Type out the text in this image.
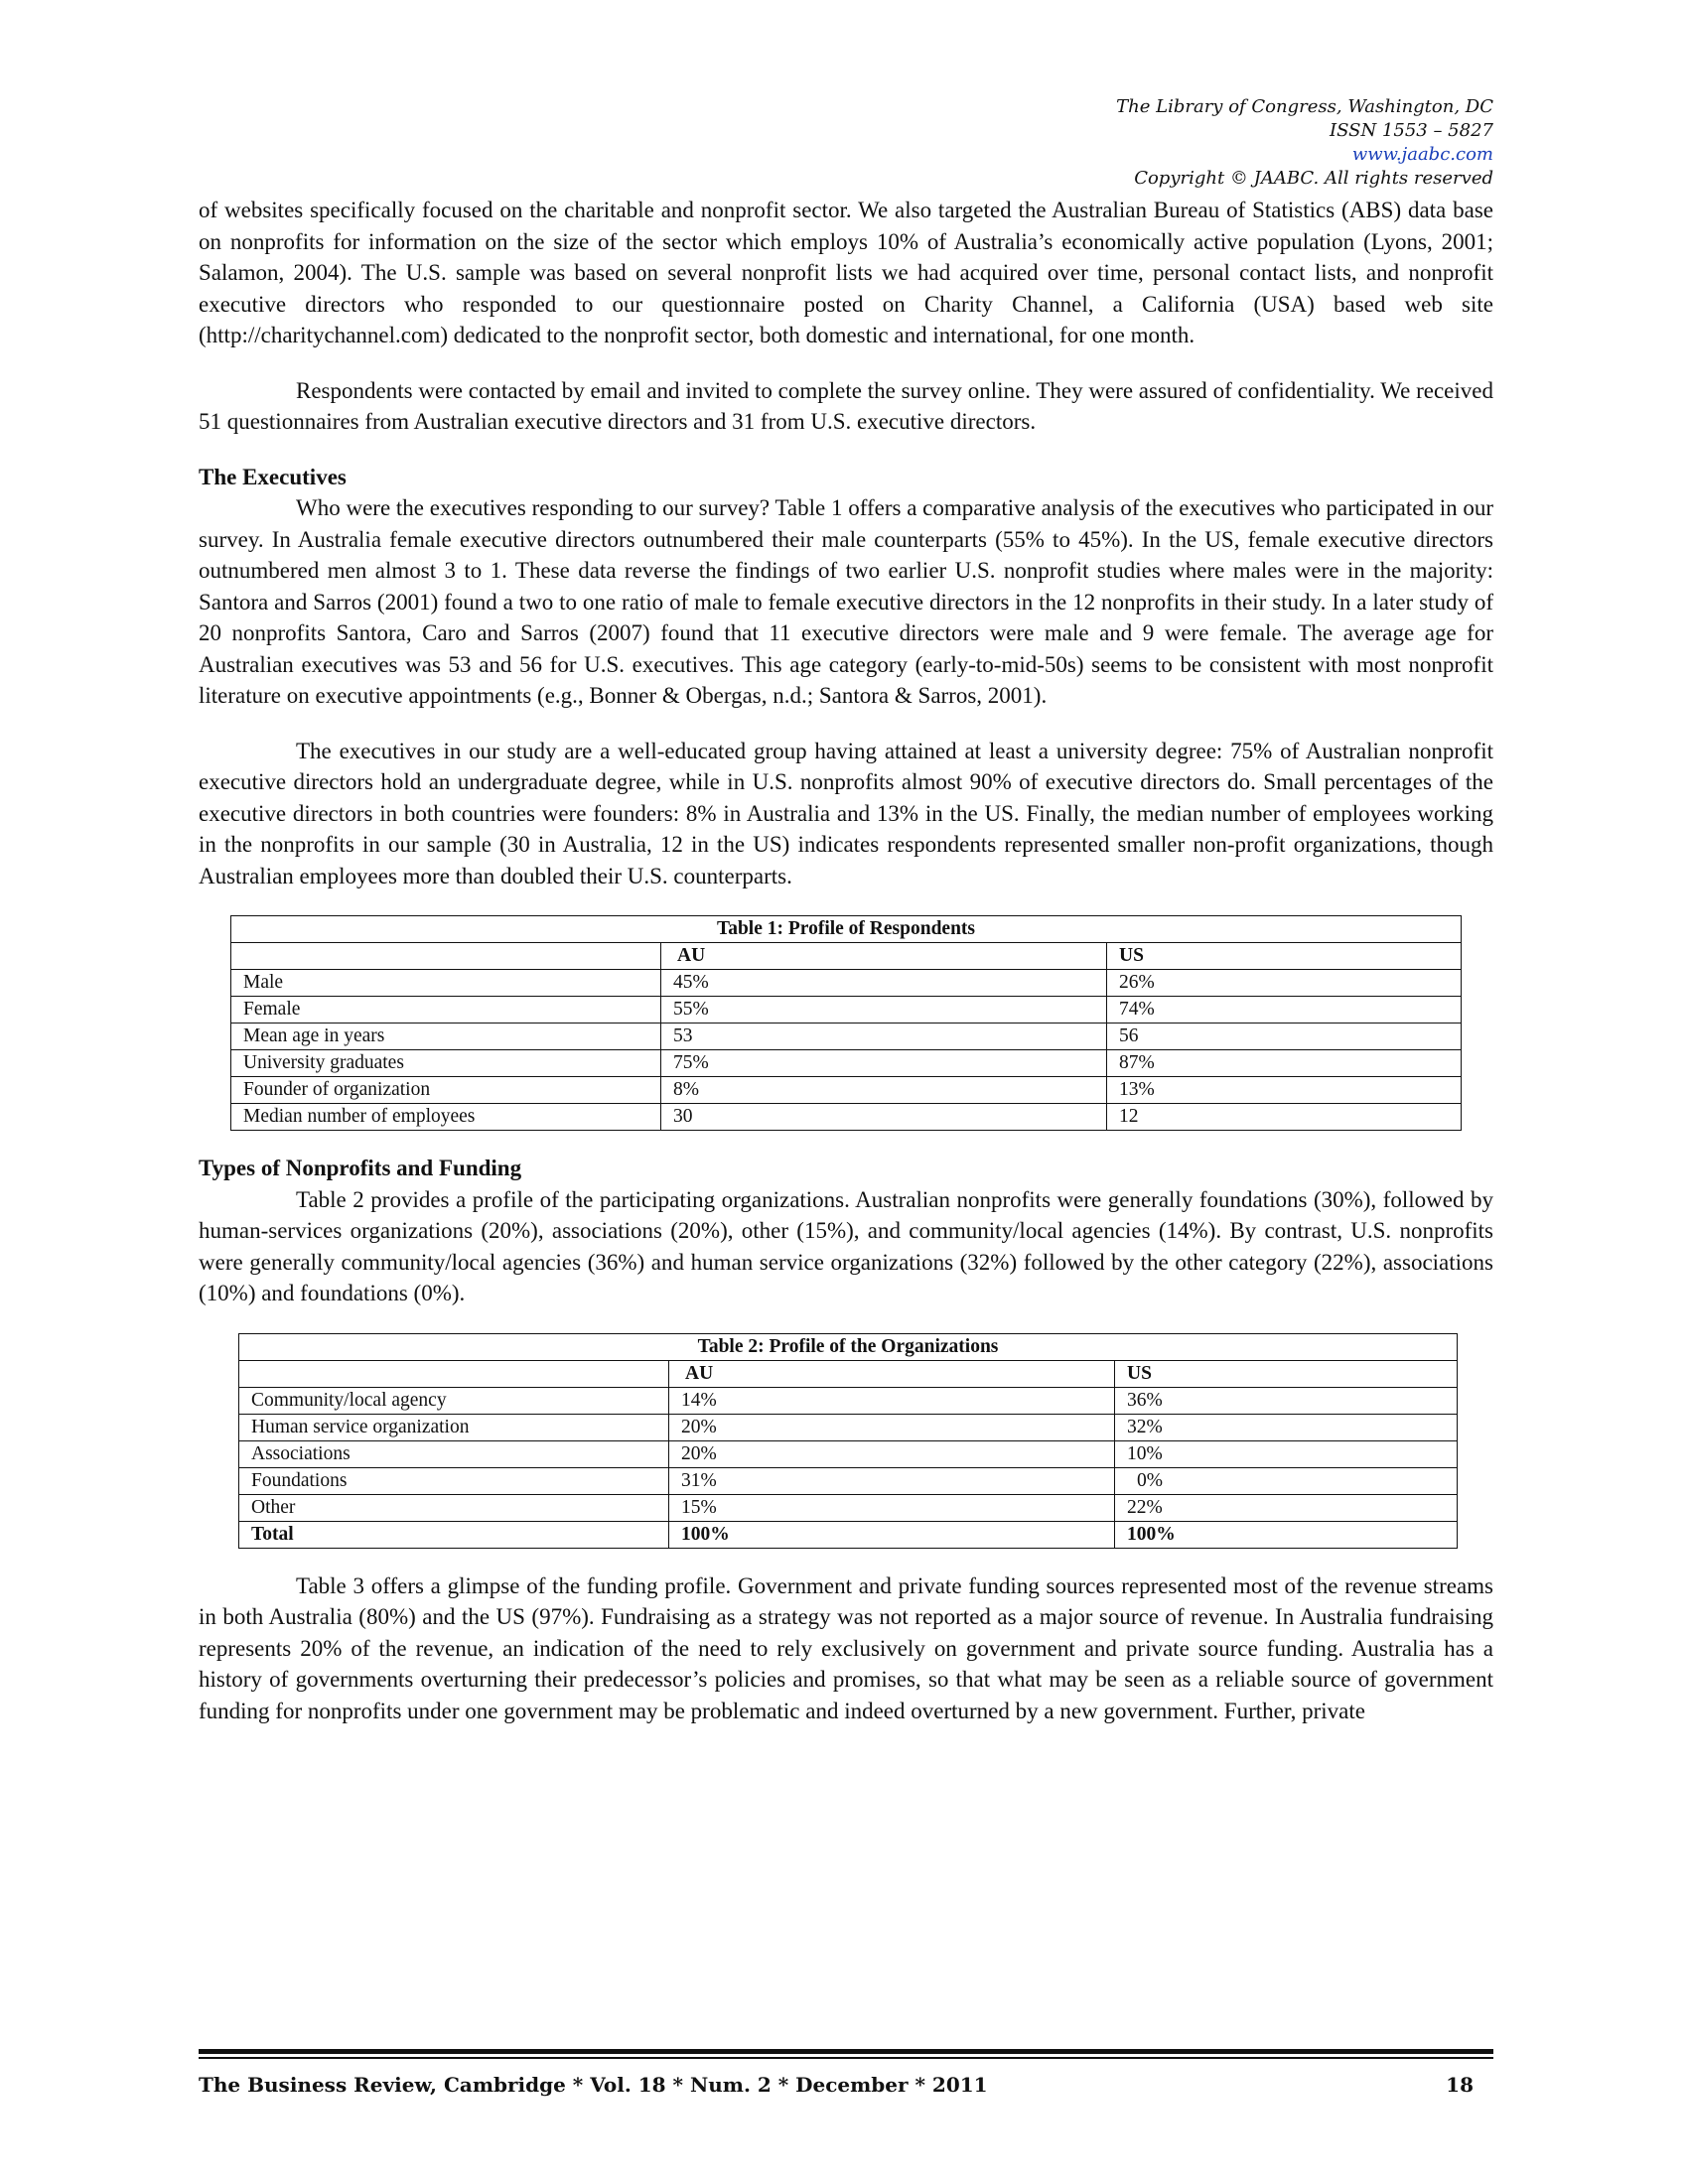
The Library of Congress, Washington, DC
ISSN 1553 – 5827
www.jaabc.com
Copyright © JAABC. All rights reserved

of websites specifically focused on the charitable and nonprofit sector. We also targeted the Australian Bureau of Statistics (ABS) data base on nonprofits for information on the size of the sector which employs 10% of Australia’s economically active population (Lyons, 2001; Salamon, 2004). The U.S. sample was based on several nonprofit lists we had acquired over time, personal contact lists, and nonprofit executive directors who responded to our questionnaire posted on Charity Channel, a California (USA) based web site (http://charitychannel.com) dedicated to the nonprofit sector, both domestic and international, for one month.

Respondents were contacted by email and invited to complete the survey online. They were assured of confidentiality. We received 51 questionnaires from Australian executive directors and 31 from U.S. executive directors.

The Executives

Who were the executives responding to our survey? Table 1 offers a comparative analysis of the executives who participated in our survey. In Australia female executive directors outnumbered their male counterparts (55% to 45%). In the US, female executive directors outnumbered men almost 3 to 1. These data reverse the findings of two earlier U.S. nonprofit studies where males were in the majority: Santora and Sarros (2001) found a two to one ratio of male to female executive directors in the 12 nonprofits in their study. In a later study of 20 nonprofits Santora, Caro and Sarros (2007) found that 11 executive directors were male and 9 were female. The average age for Australian executives was 53 and 56 for U.S. executives. This age category (early-to-mid-50s) seems to be consistent with most nonprofit literature on executive appointments (e.g., Bonner & Obergas, n.d.; Santora & Sarros, 2001).

The executives in our study are a well-educated group having attained at least a university degree: 75% of Australian nonprofit executive directors hold an undergraduate degree, while in U.S. nonprofits almost 90% of executive directors do. Small percentages of the executive directors in both countries were founders: 8% in Australia and 13% in the US. Finally, the median number of employees working in the nonprofits in our sample (30 in Australia, 12 in the US) indicates respondents represented smaller non-profit organizations, though Australian employees more than doubled their U.S. counterparts.

Table 1: Profile of Respondents		
	AU	US
Male	45%	26%
Female	55%	74%
Mean age in years	53	56
University graduates	75%	87%
Founder of organization	8%	13%
Median number of employees	30	12
Types of Nonprofits and Funding

Table 2 provides a profile of the participating organizations. Australian nonprofits were generally foundations (30%), followed by human-services organizations (20%), associations (20%), other (15%), and community/local agencies (14%). By contrast, U.S. nonprofits were generally community/local agencies (36%) and human service organizations (32%) followed by the other category (22%), associations (10%) and foundations (0%).

Table 2: Profile of the Organizations		
	AU	US
Community/local agency	14%	36%
Human service organization	20%	32%
Associations	20%	10%
Foundations	31%	0%
Other	15%	22%
Total	100%	100%

Table 3 offers a glimpse of the funding profile. Government and private funding sources represented most of the revenue streams in both Australia (80%) and the US (97%). Fundraising as a strategy was not reported as a major source of revenue. In Australia fundraising represents 20% of the revenue, an indication of the need to rely exclusively on government and private source funding. Australia has a history of governments overturning their predecessor’s policies and promises, so that what may be seen as a reliable source of government funding for nonprofits under one government may be problematic and indeed overturned by a new government. Further, private

The Business Review, Cambridge * Vol. 18 * Num. 2 * December * 2011	18
